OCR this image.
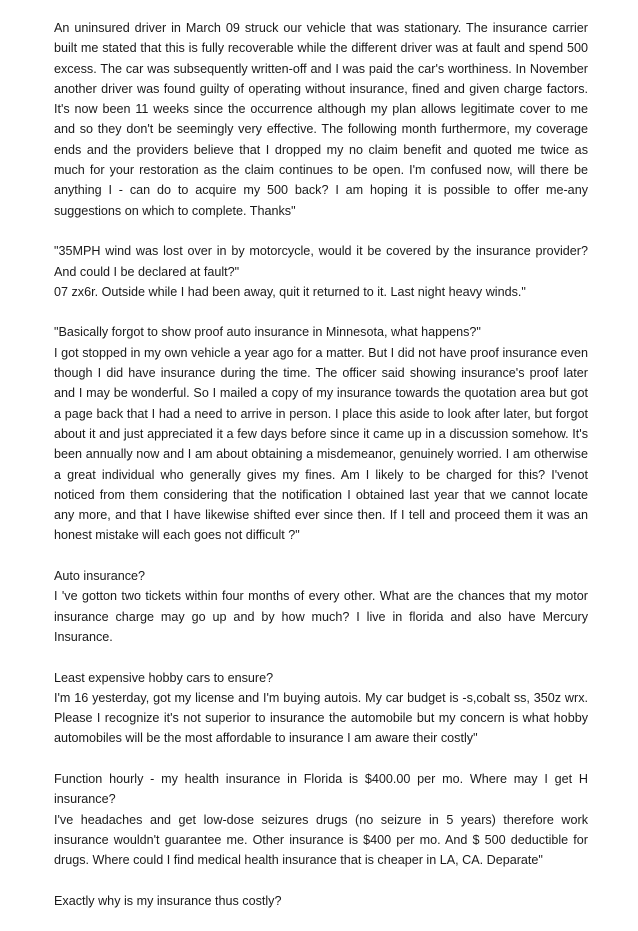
An uninsured driver in March 09 struck our vehicle that was stationary. The insurance carrier built me stated that this is fully recoverable while the different driver was at fault and spend 500 excess. The car was subsequently written-off and I was paid the car's worthiness. In November another driver was found guilty of operating without insurance, fined and given charge factors. It's now been 11 weeks since the occurrence although my plan allows legitimate cover to me and so they don't be seemingly very effective. The following month furthermore, my coverage ends and the providers believe that I dropped my no claim benefit and quoted me twice as much for your restoration as the claim continues to be open. I'm confused now, will there be anything I - can do to acquire my 500 back? I am hoping it is possible to offer me-any suggestions on which to complete. Thanks"
"35MPH wind was lost over in by motorcycle, would it be covered by the insurance provider? And could I be declared at fault?"
07 zx6r. Outside while I had been away, quit it returned to it. Last night heavy winds."
"Basically forgot to show proof auto insurance in Minnesota, what happens?"
I got stopped in my own vehicle a year ago for a matter. But I did not have proof insurance even though I did have insurance during the time. The officer said showing insurance's proof later and I may be wonderful. So I mailed a copy of my insurance towards the quotation area but got a page back that I had a need to arrive in person. I place this aside to look after later, but forgot about it and just appreciated it a few days before since it came up in a discussion somehow. It's been annually now and I am about obtaining a misdemeanor, genuinely worried. I am otherwise a great individual who generally gives my fines. Am I likely to be charged for this? I'venot noticed from them considering that the notification I obtained last year that we cannot locate any more, and that I have likewise shifted ever since then. If I tell and proceed them it was an honest mistake will each goes not difficult ?"
Auto insurance?
I 've gotton two tickets within four months of every other. What are the chances that my motor insurance charge may go up and by how much? I live in florida and also have Mercury Insurance.
Least expensive hobby cars to ensure?
I'm 16 yesterday, got my license and I'm buying autois. My car budget is -s,cobalt ss, 350z wrx. Please I recognize it's not superior to insurance the automobile but my concern is what hobby automobiles will be the most affordable to insurance I am aware their costly"
Function hourly - my health insurance in Florida is $400.00 per mo. Where may I get H insurance?
I've headaches and get low-dose seizures drugs (no seizure in 5 years) therefore work insurance wouldn't guarantee me. Other insurance is $400 per mo. And $ 500 deductible for drugs. Where could I find medical health insurance that is cheaper in LA, CA. Deparate"
Exactly why is my insurance thus costly?
